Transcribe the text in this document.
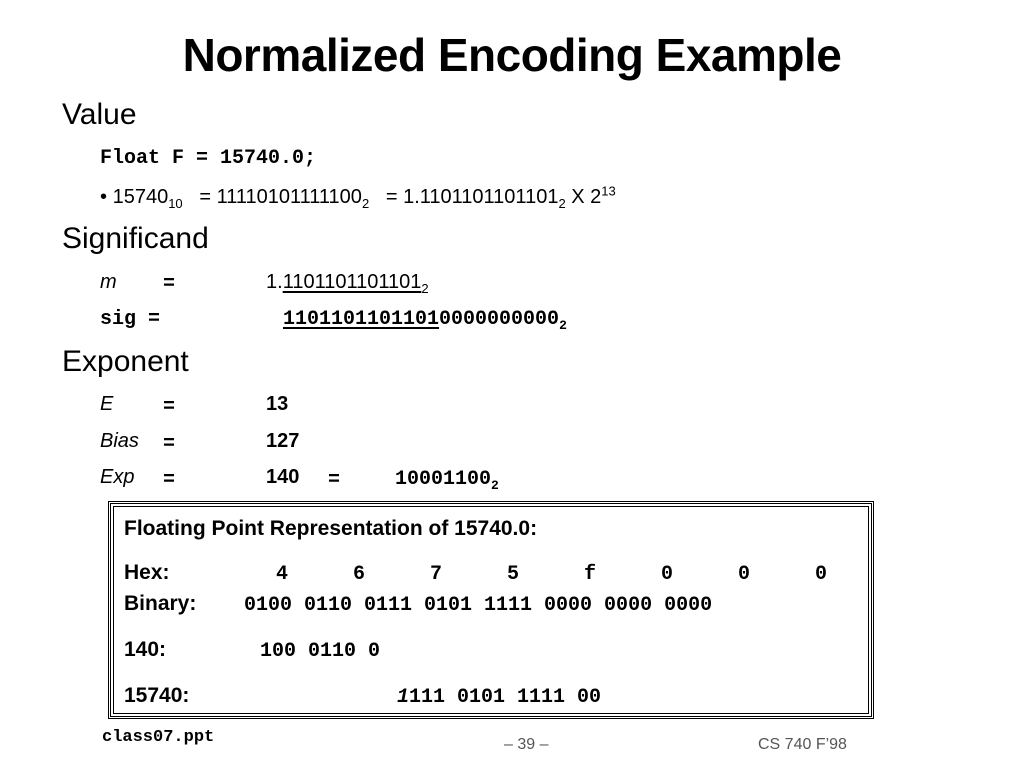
Normalized Encoding Example
Value
Float F = 15740.0;
• $15740_{10} = 11110101111100_2 = 1.1101101101101_2$ X $2^{13}$
Significand
m =	$1.1101101101101_2$
sig =	$11011011011010000000000_2$
Exponent
E =	13
Bias =	127
Exp =	140 =	$10001100_2$
Floating Point Representation of 15740.0:
Hex:	4	6	7	5	f	0	0	0
Binary: 0100 0110 0111 0101 1111 0000 0000 0000
140:	100 0110 0
15740:	1111 0101 1111 00
class07.ppt	– 39 –	CS 740 F’98
